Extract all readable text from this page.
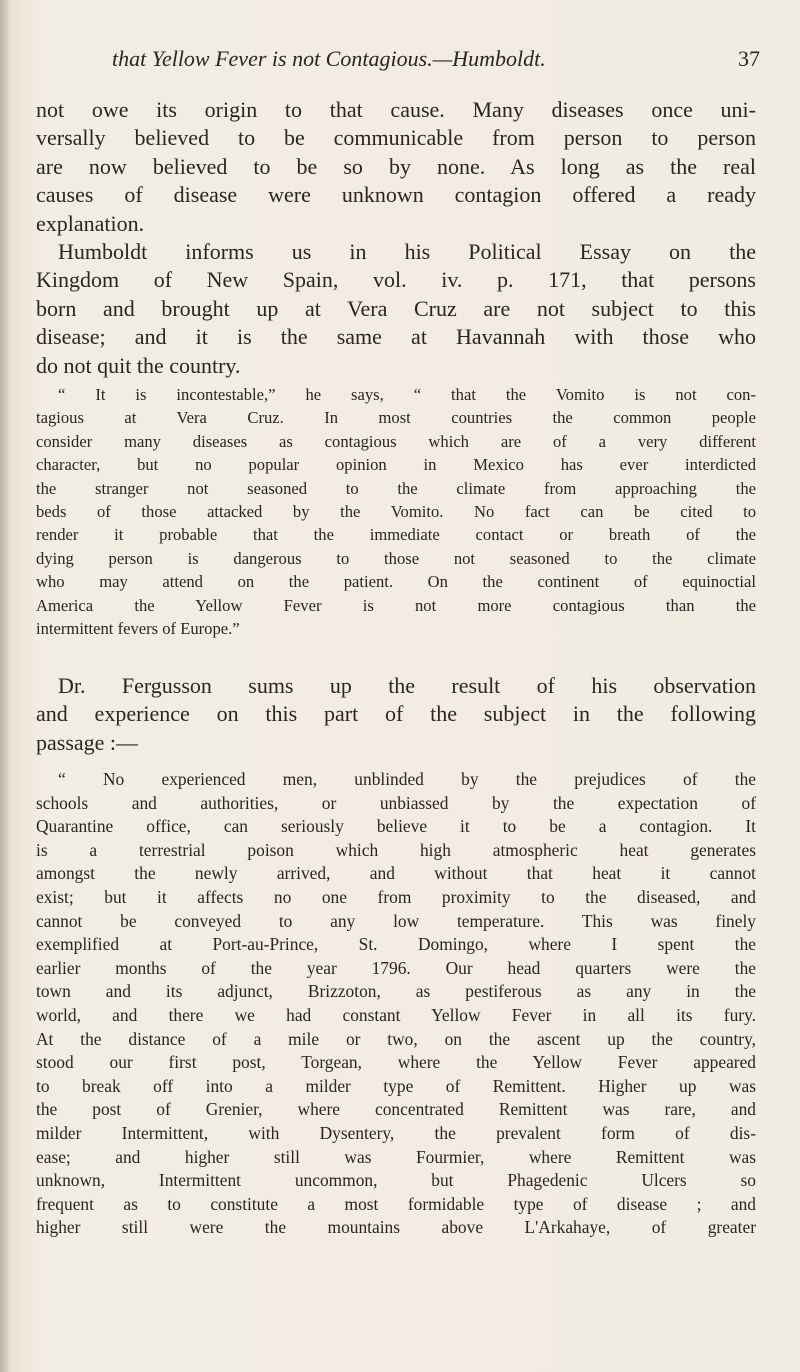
that Yellow Fever is not Contagious.—Humboldt.	37
not owe its origin to that cause. Many diseases once uni-
versally believed to be communicable from person to person
are now believed to be so by none. As long as the real
causes of disease were unknown contagion offered a ready
explanation.
Humboldt informs us in his Political Essay on the
Kingdom of New Spain, vol. iv. p. 171, that persons
born and brought up at Vera Cruz are not subject to this
disease; and it is the same at Havannah with those who
do not quit the country.
“ It is incontestable,” he says, “ that the Vomito is not con-
tagious at Vera Cruz. In most countries the common people
consider many diseases as contagious which are of a very different
character, but no popular opinion in Mexico has ever interdicted
the stranger not seasoned to the climate from approaching the
beds of those attacked by the Vomito. No fact can be cited to
render it probable that the immediate contact or breath of the
dying person is dangerous to those not seasoned to the climate
who may attend on the patient. On the continent of equinoctial
America the Yellow Fever is not more contagious than the
intermittent fevers of Europe.”
Dr. Fergusson sums up the result of his observation
and experience on this part of the subject in the following
passage :—
“ No experienced men, unblinded by the prejudices of the
schools and authorities, or unbiassed by the expectation of
Quarantine office, can seriously believe it to be a contagion. It
is a terrestrial poison which high atmospheric heat generates
amongst the newly arrived, and without that heat it cannot
exist; but it affects no one from proximity to the diseased, and
cannot be conveyed to any low temperature. This was finely
exemplified at Port-au-Prince, St. Domingo, where I spent the
earlier months of the year 1796. Our head quarters were the
town and its adjunct, Brizzoton, as pestiferous as any in the
world, and there we had constant Yellow Fever in all its fury.
At the distance of a mile or two, on the ascent up the country,
stood our first post, Torgean, where the Yellow Fever appeared
to break off into a milder type of Remittent. Higher up was
the post of Grenier, where concentrated Remittent was rare, and
milder Intermittent, with Dysentery, the prevalent form of dis-
ease; and higher still was Fourmier, where Remittent was
unknown, Intermittent uncommon, but Phagedenic Ulcers so
frequent as to constitute a most formidable type of disease ; and
higher still were the mountains above L'Arkahaye, of greater
